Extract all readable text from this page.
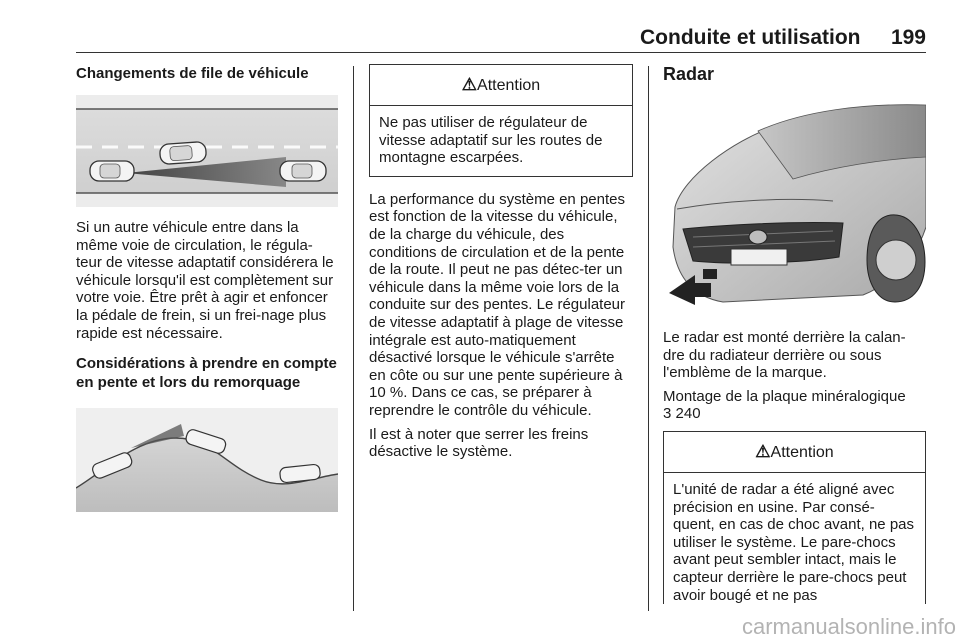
Conduite et utilisation	199

Changements de file de véhicule

Si un autre véhicule entre dans la même voie de circulation, le régula-teur de vitesse adaptatif considérera le véhicule lorsqu'il est complètement sur votre voie. Être prêt à agir et enfoncer la pédale de frein, si un frei-nage plus rapide est nécessaire.

Considérations à prendre en compte en pente et lors du remorquage

⚠Attention
Ne pas utiliser de régulateur de vitesse adaptatif sur les routes de montagne escarpées.

La performance du système en pentes est fonction de la vitesse du véhicule, de la charge du véhicule, des conditions de circulation et de la pente de la route. Il peut ne pas détec-ter un véhicule dans la même voie lors de la conduite sur des pentes. Le régulateur de vitesse adaptatif à plage de vitesse intégrale est auto-matiquement désactivé lorsque le véhicule s'arrête en côte ou sur une pente supérieure à 10 %. Dans ce cas, se préparer à reprendre le contrôle du véhicule.

Il est à noter que serrer les freins désactive le système.

Radar

Le radar est monté derrière la calan-dre du radiateur derrière ou sous l'emblème de la marque.

Montage de la plaque minéralogique

3 240

⚠Attention
L'unité de radar a été aligné avec précision en usine. Par consé-quent, en cas de choc avant, ne pas utiliser le système. Le pare-chocs avant peut sembler intact, mais le capteur derrière le pare-chocs peut avoir bougé et ne pas
carmanualsonline.info
